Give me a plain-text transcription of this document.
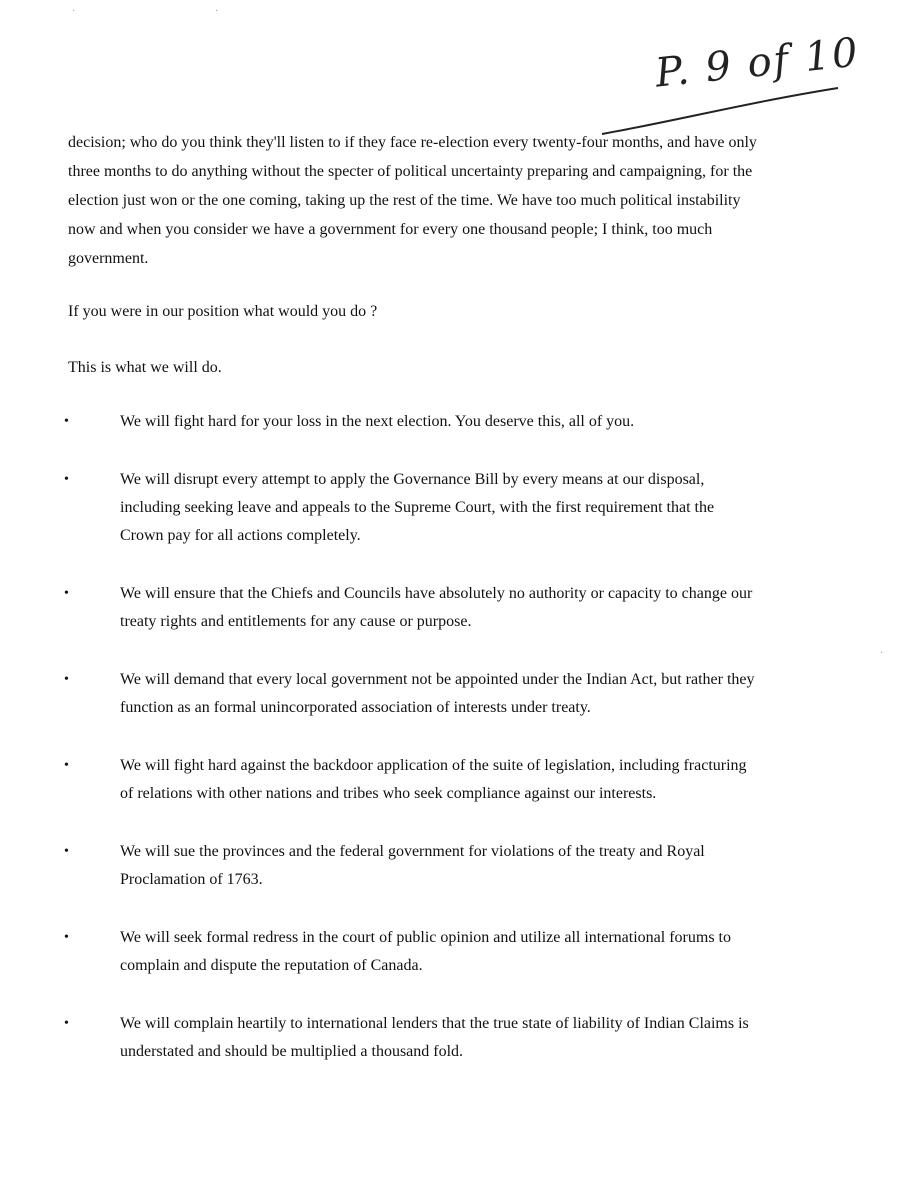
P. 9 of 10

decision; who do you think they'll listen to if they face re-election every twenty-four months, and have only three months to do anything without the specter of political uncertainty preparing and campaigning, for the election just won or the one coming, taking up the rest of the time. We have too much political instability now and when you consider we have a government for every one thousand people; I think, too much government.

If you were in our position what would you do ?

This is what we will do.

•	We will fight hard for your loss in the next election. You deserve this, all of you.
•	We will disrupt every attempt to apply the Governance Bill by every means at our disposal, including seeking leave and appeals to the Supreme Court, with the first requirement that the Crown pay for all actions completely.
•	We will ensure that the Chiefs and Councils have absolutely no authority or capacity to change our treaty rights and entitlements for any cause or purpose.
•	We will demand that every local government not be appointed under the Indian Act, but rather they function as an formal unincorporated association of interests under treaty.
•	We will fight hard against the backdoor application of the suite of legislation, including fracturing of relations with other nations and tribes who seek compliance against our interests.
•	We will sue the provinces and the federal government for violations of the treaty and Royal Proclamation of 1763.
•	We will seek formal redress in the court of public opinion and utilize all international forums to complain and dispute the reputation of Canada.
•	We will complain heartily to international lenders that the true state of liability of Indian Claims is understated and should be multiplied a thousand fold.
·	·
·
